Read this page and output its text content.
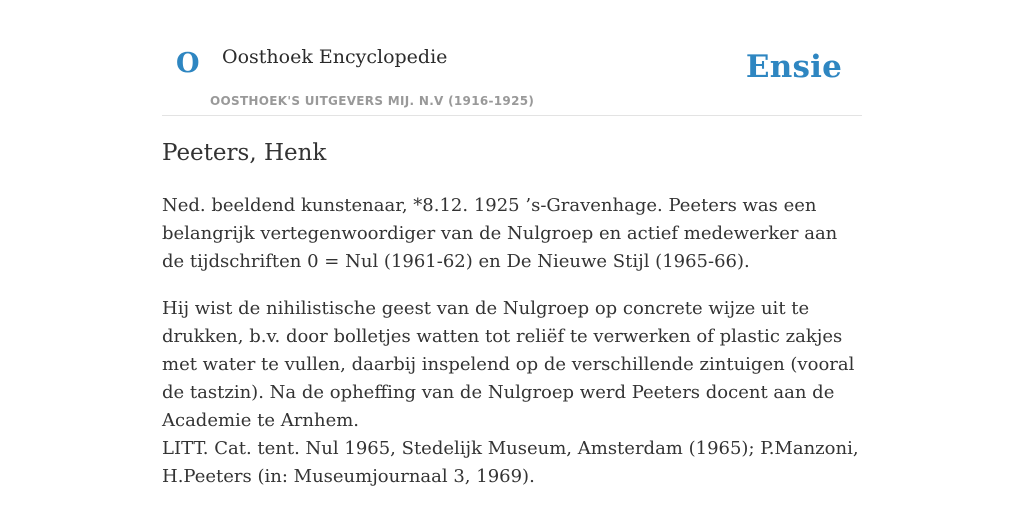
O Oosthoek Encyclopedie	Ensie
OOSTHOEK'S UITGEVERS MIJ. N.V (1916-1925)
Peeters, Henk

Ned. beeldend kunstenaar, *8.12. 1925 ’s-Gravenhage. Peeters was een belangrijk vertegenwoordiger van de Nulgroep en actief medewerker aan de tijdschriften 0 = Nul (1961-62) en De Nieuwe Stijl (1965-66).

Hij wist de nihilistische geest van de Nulgroep op concrete wijze uit te drukken, b.v. door bolletjes watten tot reliëf te verwerken of plastic zakjes met water te vullen, daarbij inspelend op de verschillende zintuigen (vooral de tastzin). Na de opheffing van de Nulgroep werd Peeters docent aan de Academie te Arnhem.

LITT. Cat. tent. Nul 1965, Stedelijk Museum, Amsterdam (1965); P.Manzoni, H.Peeters (in: Museumjournaal 3, 1969).
